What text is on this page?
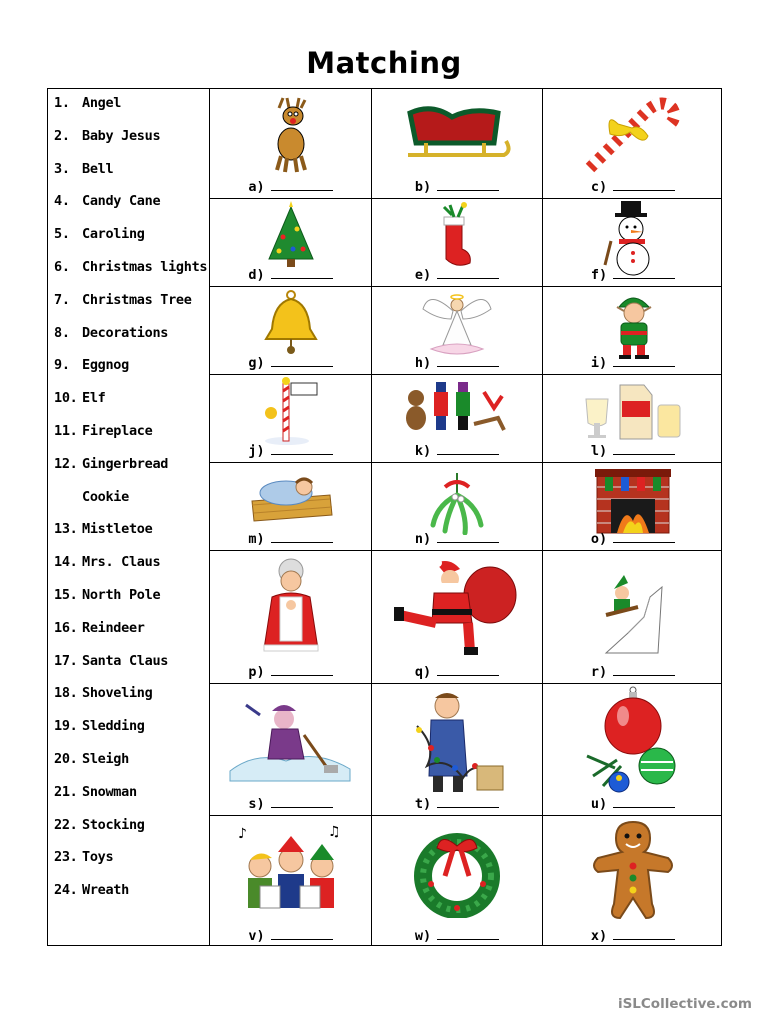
Matching
1. Angel
2. Baby Jesus
3. Bell
4. Candy Cane
5. Caroling
6. Christmas lights
7. Christmas Tree
8. Decorations
9. Eggnog
10. Elf
11. Fireplace
12. Gingerbread
Cookie
13. Mistletoe
14. Mrs. Claus
15. North Pole
16. Reindeer
17. Santa Claus
18. Shoveling
19. Sledding
20. Sleigh
21. Snowman
22. Stocking
23. Toys
24. Wreath
a)	b)	c)
d)	e)	f)
g)	h)	i)
j)	k)	l)
m)	n)	o)
p)	q)	r)
s)	t)	u)
♪	♫
v)	w)	x)
iSLCollective.com
